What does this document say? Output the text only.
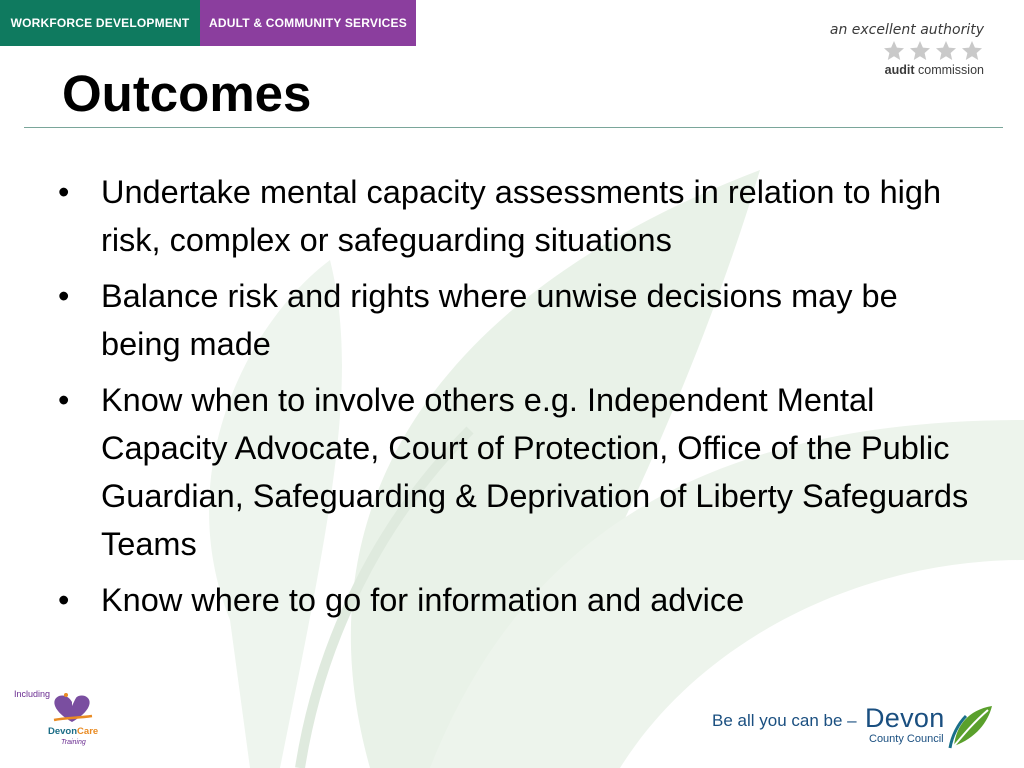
WORKFORCE DEVELOPMENT	ADULT & COMMUNITY SERVICES	an excellent authority
audit commission
Outcomes
• Undertake mental capacity assessments in relation to high risk, complex or safeguarding situations
• Balance risk and rights where unwise decisions may be being made
• Know when to involve others e.g. Independent Mental Capacity Advocate, Court of Protection, Office of the Public Guardian, Safeguarding & Deprivation of Liberty Safeguards Teams
• Know where to go for information and advice
Including
DevonCare
Training
Be all you can be – Devon
County Council
